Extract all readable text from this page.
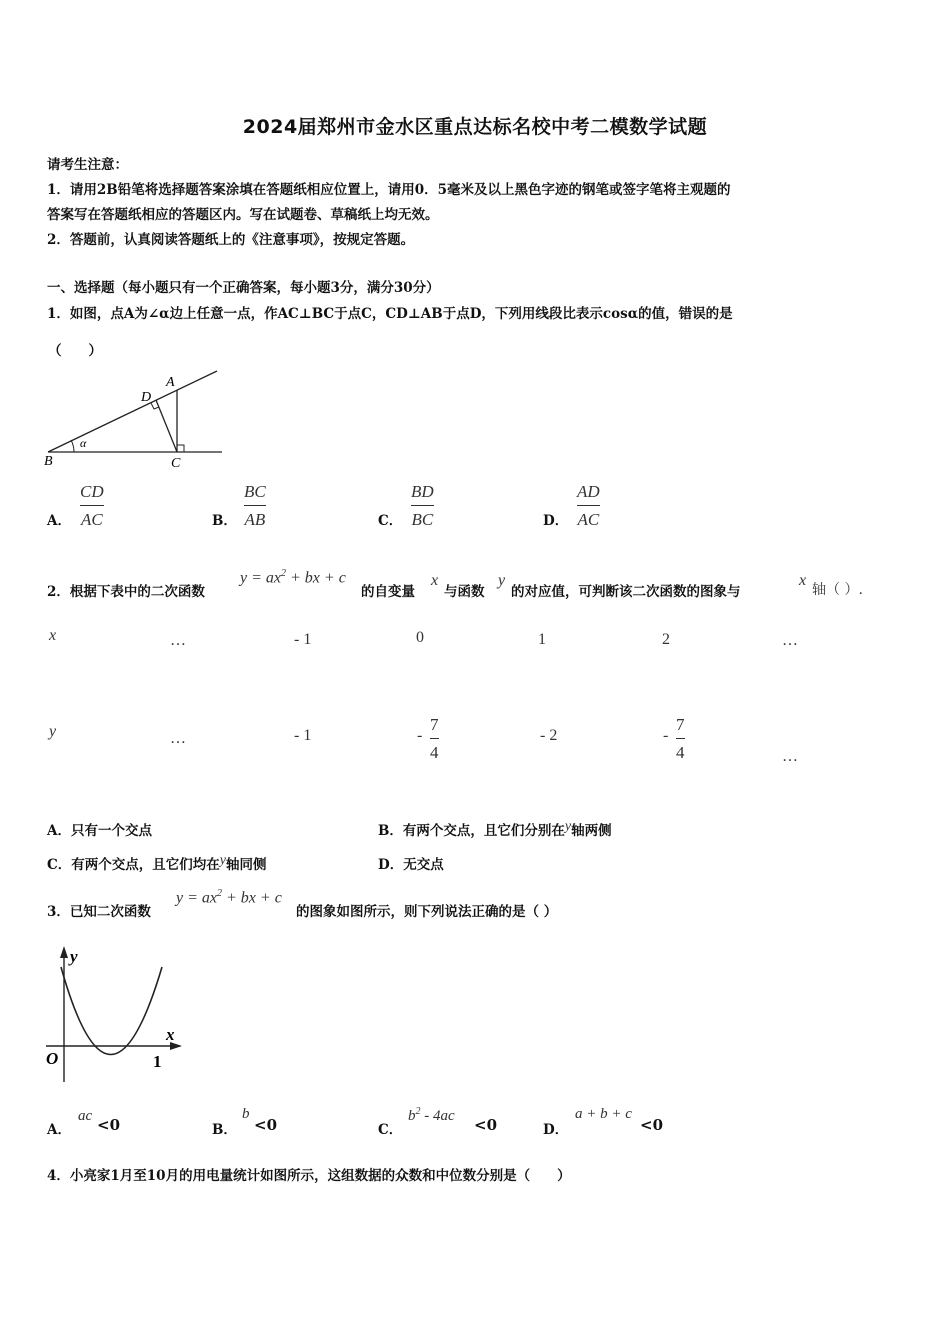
2024届郑州市金水区重点达标名校中考二模数学试题
请考生注意：
1．请用2B铅笔将选择题答案涂填在答题纸相应位置上，请用0．5毫米及以上黑色字迹的钢笔或签字笔将主观题的
答案写在答题纸相应的答题区内。写在试题卷、草稿纸上均无效。
2．答题前，认真阅读答题纸上的《注意事项》，按规定答题。
一、选择题（每小题只有一个正确答案，每小题3分，满分30分）
1．如图，点A为∠α边上任意一点，作AC⊥BC于点C，CD⊥AB于点D，下列用线段比表示cosα的值，错误的是
（　　）
α
B	C
D
A
A．
CD
AC	B．
BC
AB	C．
BD
BC	D．
AD
AC
2．根据下表中的二次函数
$y = ax^2$ + bx + c
的自变量
x
与函数
y
的对应值，可判断该二次函数的图象与
x
轴（ ）.
x	…	- 1	0	1	2	…
y	…	- 1	-
7
4
- 2	-
7
4	…
A．只有一个交点	B．有两个交点，且它们分别在y轴两侧
C．有两个交点，且它们均在y轴同侧	D．无交点
3．已知二次函数
$y = ax^2$ + bx + c
的图象如图所示，则下列说法正确的是（ ）
y
x
O	1
A．
ac <0	B．
b
<0	C．
$b^2 - 4ac <0$	D．
a + b + c
<0
4．小亮家1月至10月的用电量统计如图所示，这组数据的众数和中位数分别是（　　）
